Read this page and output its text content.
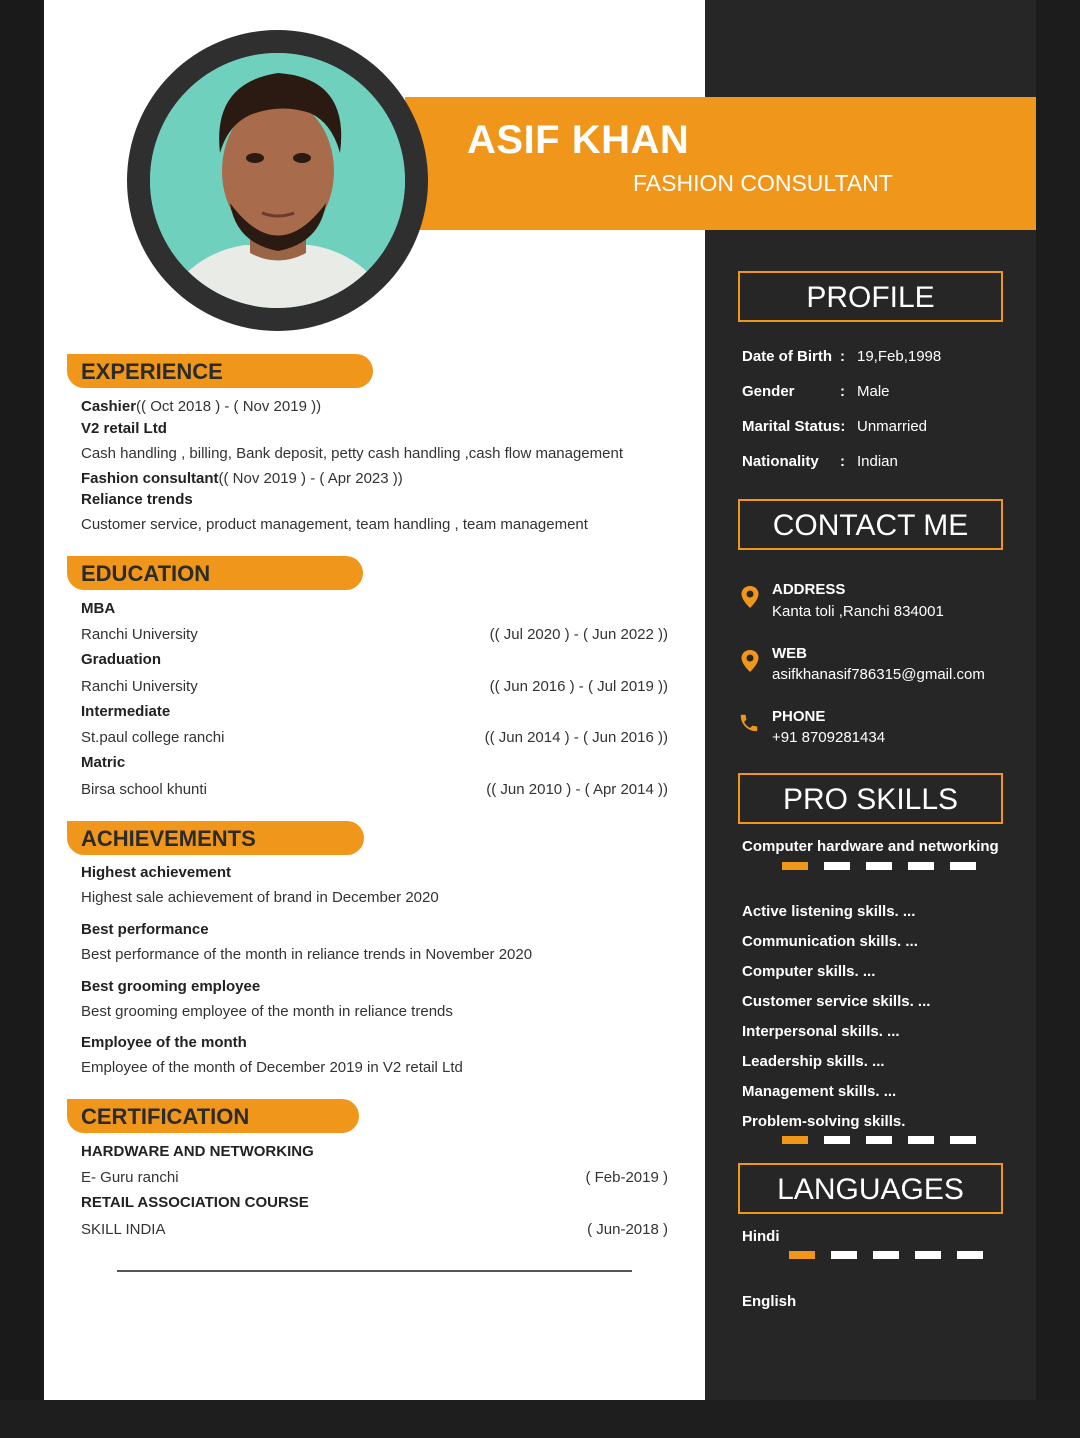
ASIF KHAN
FASHION CONSULTANT
EXPERIENCE
Cashier(( Oct 2018 ) - ( Nov 2019 ))
V2 retail Ltd
Cash handling , billing, Bank deposit, petty cash handling ,cash flow management
Fashion consultant(( Nov 2019 ) - ( Apr 2023 ))
Reliance trends
Customer service, product management, team handling , team management
EDUCATION
MBA
Ranchi University	(( Jul 2020 ) - ( Jun 2022 ))
Graduation
Ranchi University	(( Jun 2016 ) - ( Jul 2019 ))
Intermediate
St.paul college ranchi	(( Jun 2014 ) - ( Jun 2016 ))
Matric
Birsa school khunti	(( Jun 2010 ) - ( Apr 2014 ))
ACHIEVEMENTS
Highest achievement
Highest sale achievement of brand in December 2020
Best performance
Best performance of the month in reliance trends in November 2020
Best grooming employee
Best grooming employee of the month in reliance trends
Employee of the month
Employee of the month of December 2019 in V2 retail Ltd
CERTIFICATION
HARDWARE AND NETWORKING
E- Guru ranchi	( Feb-2019 )
RETAIL ASSOCIATION COURSE
SKILL INDIA	( Jun-2018 )
PROFILE
Date of Birth : 19,Feb,1998
Gender	: Male
Marital Status: Unmarried
Nationality : Indian
CONTACT ME
ADDRESS
Kanta toli ,Ranchi 834001
WEB
asifkhanasif786315@gmail.com
PHONE
+91 8709281434
PRO SKILLS
Computer hardware and networking
Active listening skills. ...
Communication skills. ...
Computer skills. ...
Customer service skills. ...
Interpersonal skills. ...
Leadership skills. ...
Management skills. ...
Problem-solving skills.
LANGUAGES
Hindi
English
